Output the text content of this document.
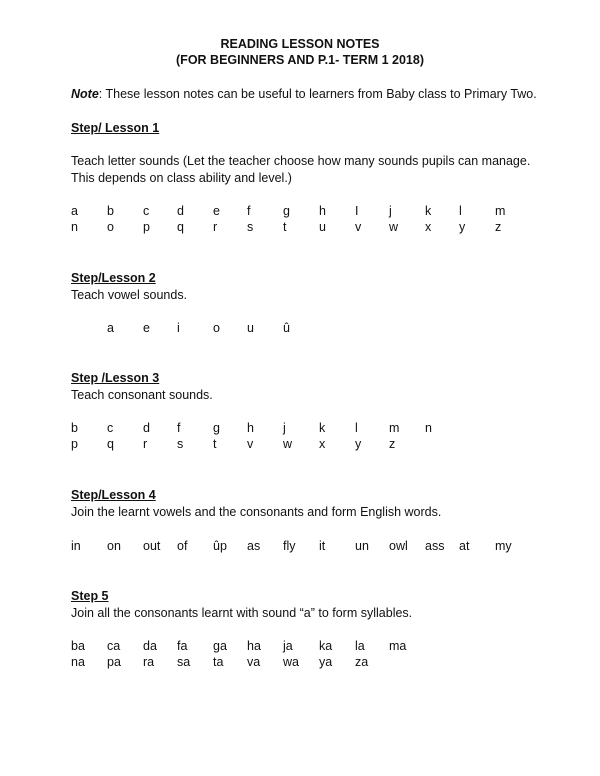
READING LESSON NOTES
(FOR BEGINNERS AND P.1- TERM 1 2018)
Note: These lesson notes can be useful to learners from Baby class to Primary Two.
Step/ Lesson 1
Teach letter sounds (Let the teacher choose how many sounds pupils can manage.
This depends on class ability and level.)
a b c d e f	g h I j	k l	m
n o p q r s t	u v w x y z
Step/Lesson 2
Teach vowel sounds.
a e i	o u û
Step /Lesson 3
Teach consonant sounds.
b c d f	g h j	k l m n
p q r s t v w x y z
Step/Lesson 4
Join the learnt vowels and the consonants and form English words.
in on out of ûp as fly it un owl ass at my
Step 5
Join all the consonants learnt with sound “a” to form syllables.
ba ca da fa ga ha ja ka la ma
na pa ra sa ta va wa ya za
